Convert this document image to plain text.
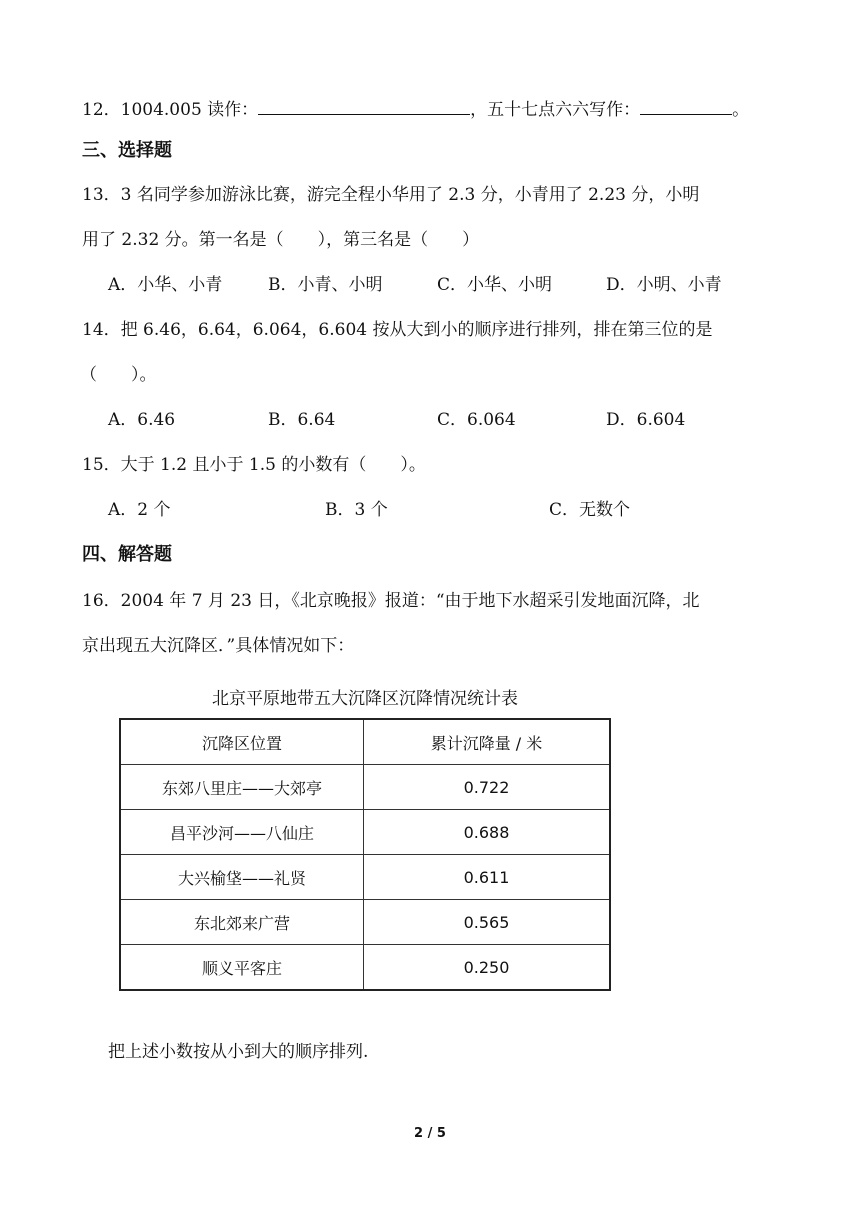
12．1004.005 读作：	，五十七点六六写作：	。
三、选择题
13．3 名同学参加游泳比赛，游完全程小华用了 2.3 分，小青用了 2.23 分，小明
用了 2.32 分。第一名是（　　），第三名是（　　）
A．小华、小青	B．小青、小明	C．小华、小明	D．小明、小青
14．把 6.46，6.64，6.064，6.604 按从大到小的顺序进行排列，排在第三位的是
（　　）。
A．6.46	B．6.64	C．6.064	D．6.604
15．大于 1.2 且小于 1.5 的小数有（　　）。
A．2 个	B．3 个	C．无数个
四、解答题
16．2004 年 7 月 23 日，《北京晚报》报道：“由于地下水超采引发地面沉降，北
京出现五大沉降区．”具体情况如下：
北京平原地带五大沉降区沉降情况统计表
沉降区位置	累计沉降量 / 米
东郊八里庄——大郊亭	0.722
昌平沙河——八仙庄	0.688
大兴榆垡——礼贤	0.611
东北郊来广营	0.565
顺义平客庄	0.250
把上述小数按从小到大的顺序排列.
2 / 5
